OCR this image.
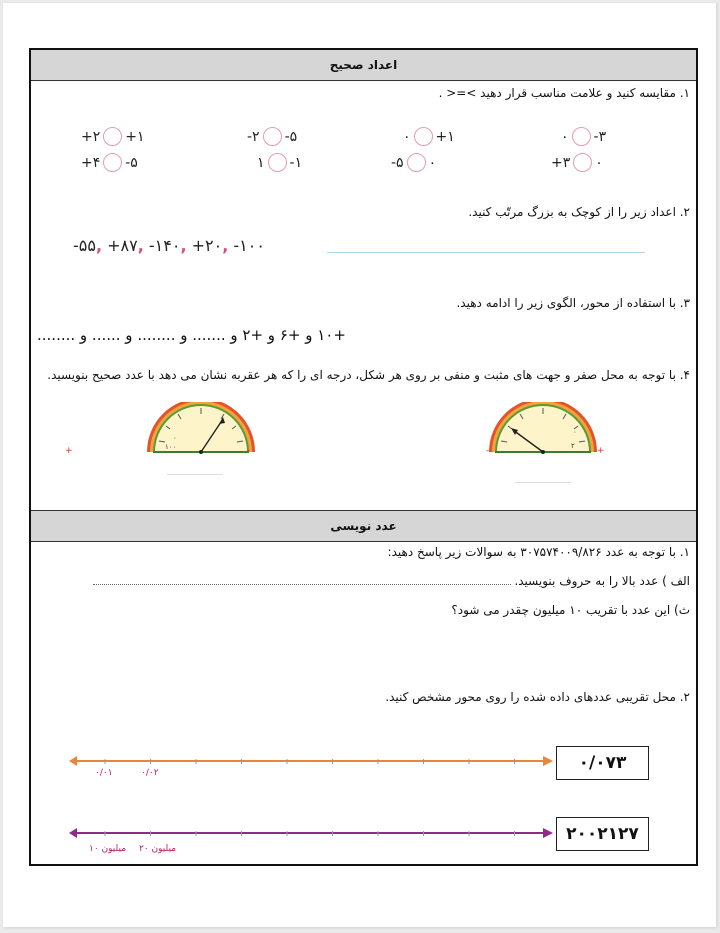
اعداد صحیح
۱. مقایسه کنید و علامت مناسب قرار دهید >=< .
+۲ +۱	-۲ -۵	۰ +۱	۰ -۳
+۴ -۵	۱ -۱	-۵ ۰	+۳ ۰
۲. اعداد زیر را از کوچک به بزرگ مرتّب کنید.
-۵۵, +۸۷, -۱۴۰, +۲۰, -۱۰۰
۳. با استفاده از محور، الگوی زیر را ادامه دهید.
+۱۰ و +۶ و +۲ و ....... و ........ و ...... و ........
۴. با توجه به محل صفر و جهت های مثبت و منفی بر روی هر شکل، درجه ای را که هر عقربه نشان می دهد با عدد صحیح بنویسید.
+	-
۰
۱۰۰	-	+
۰
۲
عدد نویسی
۱. با توجه به عدد ۳۰۷۵۷۴۰۰۹/۸۲۶ به سوالات زیر پاسخ دهید:
الف ) عدد بالا را به حروف بنویسید.
ث) این عدد با تقریب ۱۰ میلیون چقدر می شود؟
۲. محل تقریبی عددهای داده شده را روی محور مشخص کنید.
۰/۰۱	۰/۰۲	۰/۰۷۳
۱۰ میلیون ۲۰ میلیون
۲۰۰۲۱۲۷
